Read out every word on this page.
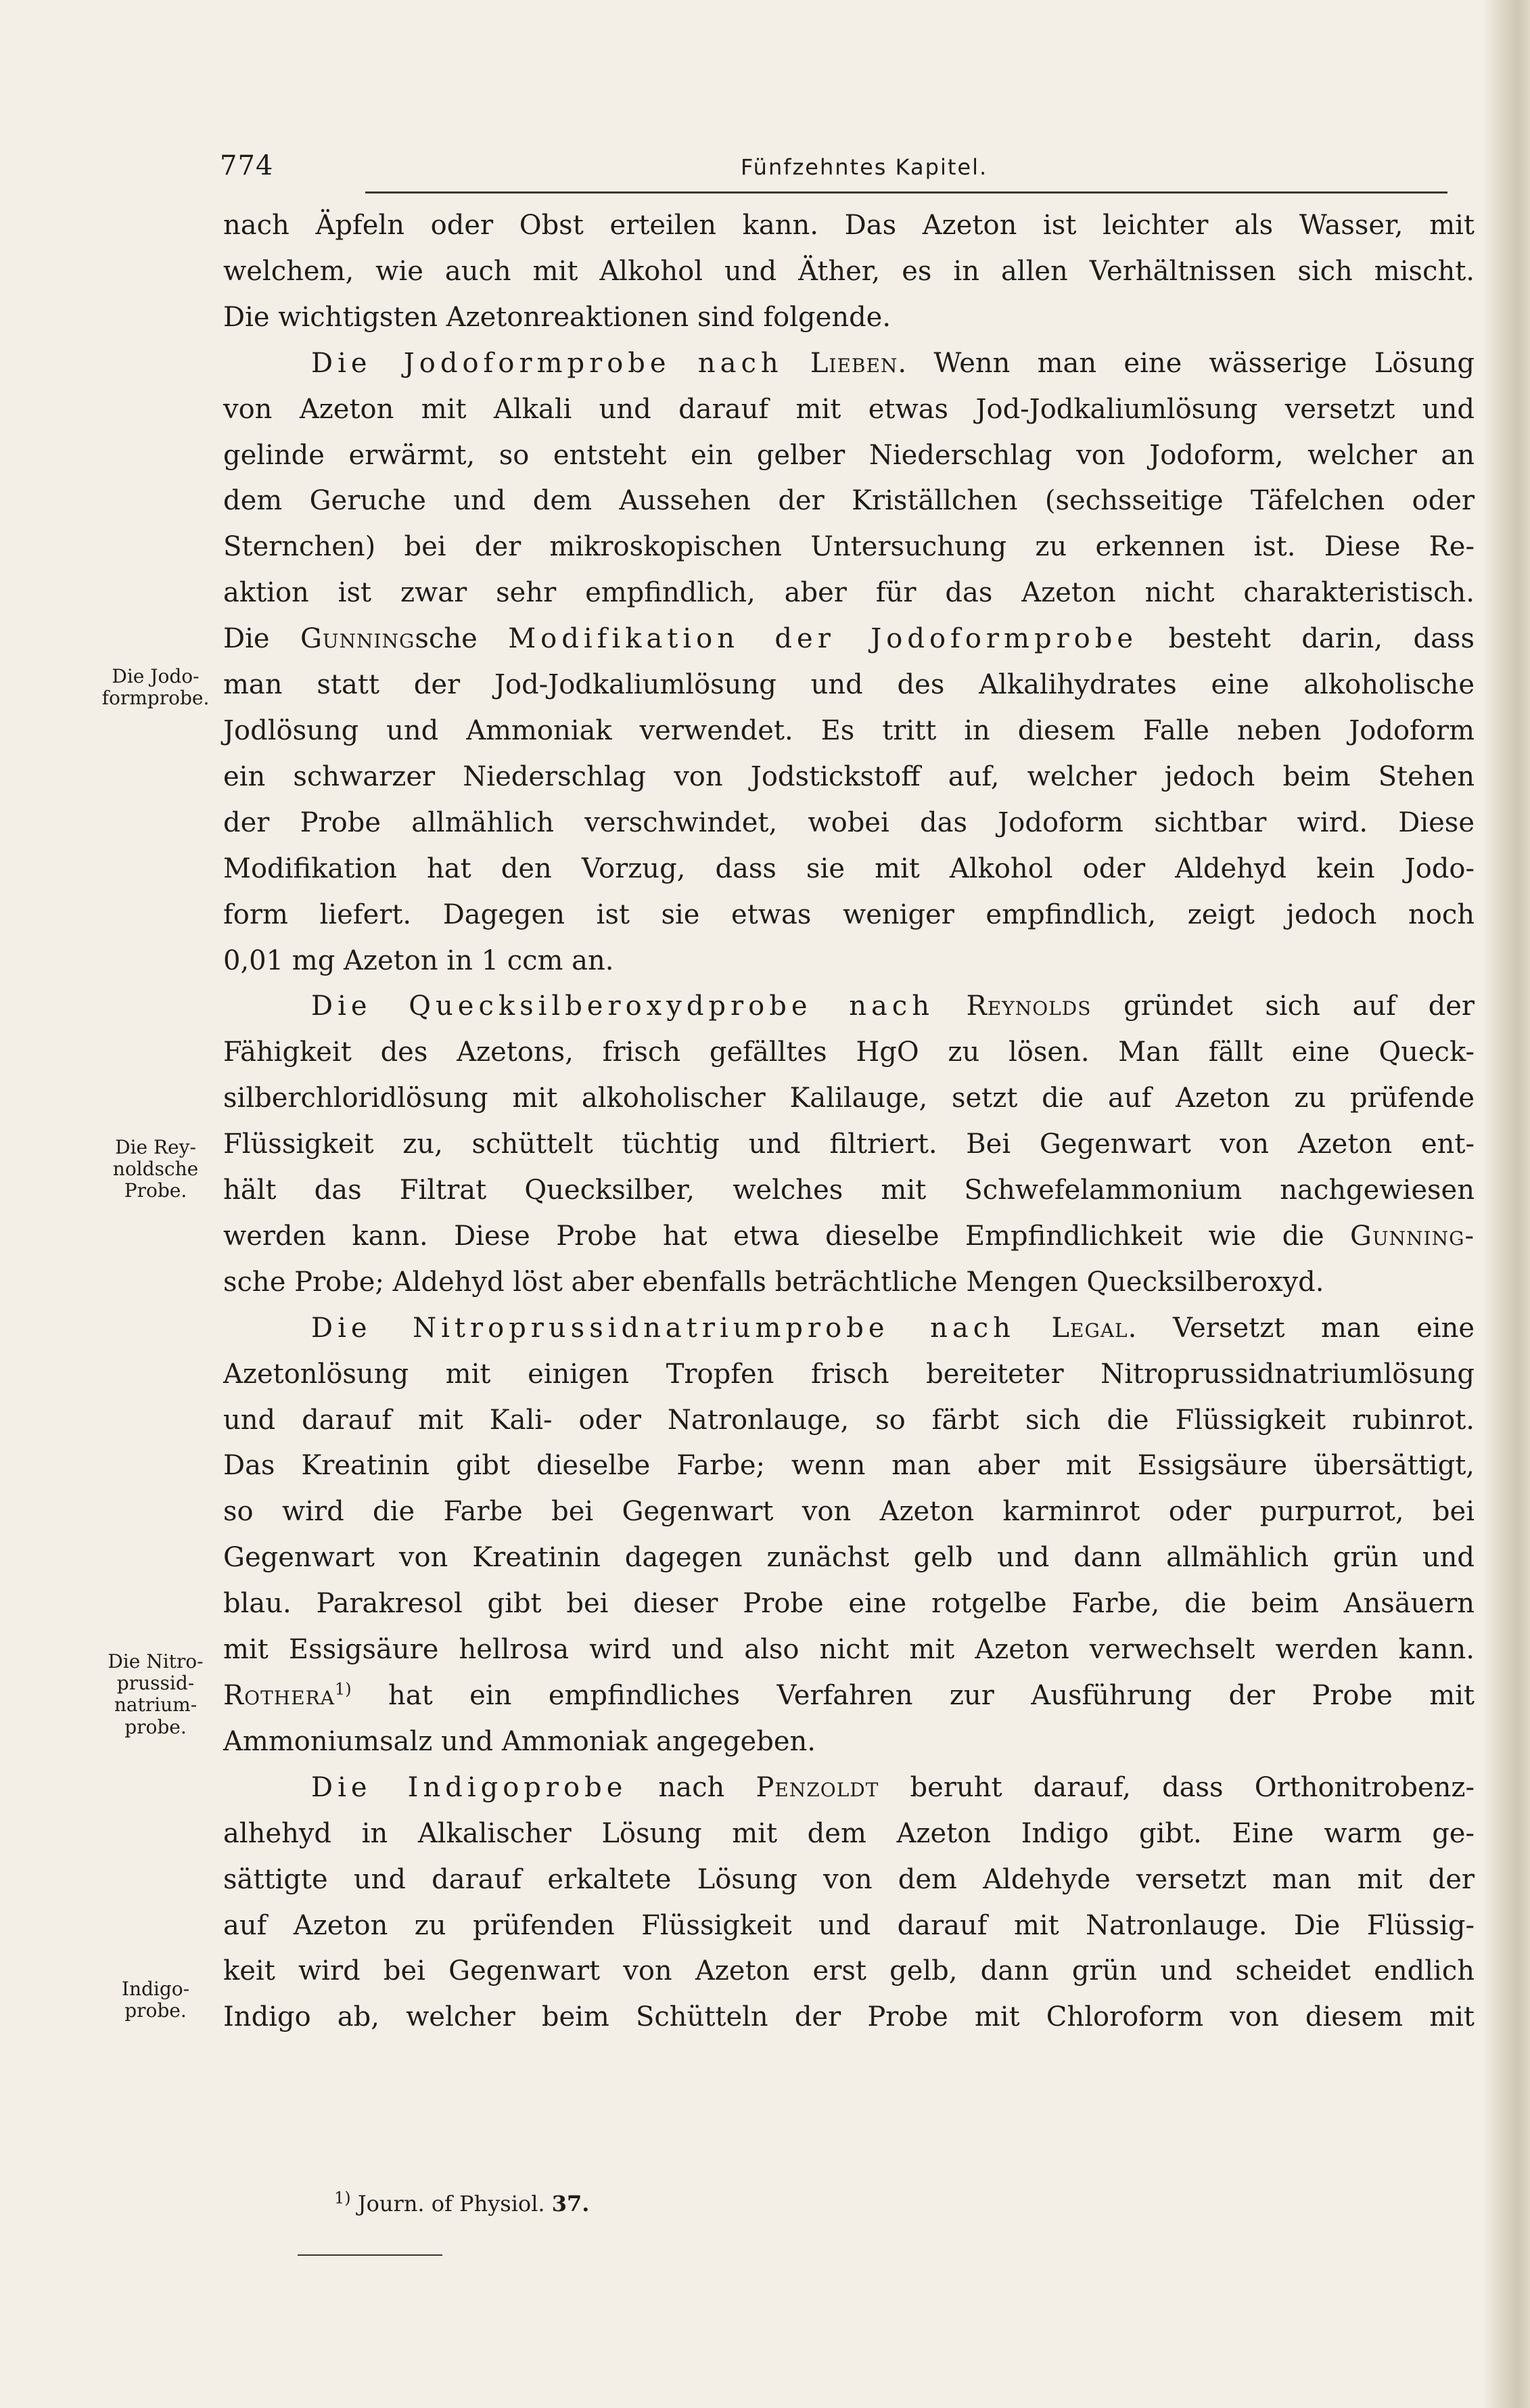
774	Fünfzehntes Kapitel.
Die Jodo-
formprobe.
Die Rey-
noldsche
Probe.
Die Nitro-
prussid-
natrium-
probe.
Indigo-
probe.

nach Äpfeln oder Obst erteilen kann. Das Azeton ist leichter als Wasser, mit

welchem, wie auch mit Alkohol und Äther, es in allen Verhältnissen sich mischt.

Die wichtigsten Azetonreaktionen sind folgende.

Die Jodoformprobe nach Lieben. Wenn man eine wässerige Lösung

von Azeton mit Alkali und darauf mit etwas Jod-Jodkaliumlösung versetzt und

gelinde erwärmt, so entsteht ein gelber Niederschlag von Jodoform, welcher an

dem Geruche und dem Aussehen der Kriställchen (sechsseitige Täfelchen oder

Sternchen) bei der mikroskopischen Untersuchung zu erkennen ist. Diese Re-

aktion ist zwar sehr empfindlich, aber für das Azeton nicht charakteristisch.

Die Gunningsche Modifikation der Jodoformprobe besteht darin, dass

man statt der Jod-Jodkaliumlösung und des Alkalihydrates eine alkoholische

Jodlösung und Ammoniak verwendet. Es tritt in diesem Falle neben Jodoform

ein schwarzer Niederschlag von Jodstickstoff auf, welcher jedoch beim Stehen

der Probe allmählich verschwindet, wobei das Jodoform sichtbar wird. Diese

Modifikation hat den Vorzug, dass sie mit Alkohol oder Aldehyd kein Jodo-

form liefert. Dagegen ist sie etwas weniger empfindlich, zeigt jedoch noch

0,01 mg Azeton in 1 ccm an.

Die Quecksilberoxydprobe nach Reynolds gründet sich auf der

Fähigkeit des Azetons, frisch gefälltes HgO zu lösen. Man fällt eine Queck-

silberchloridlösung mit alkoholischer Kalilauge, setzt die auf Azeton zu prüfende

Flüssigkeit zu, schüttelt tüchtig und filtriert. Bei Gegenwart von Azeton ent-

hält das Filtrat Quecksilber, welches mit Schwefelammonium nachgewiesen

werden kann. Diese Probe hat etwa dieselbe Empfindlichkeit wie die Gunning-

sche Probe; Aldehyd löst aber ebenfalls beträchtliche Mengen Quecksilberoxyd.

Die Nitroprussidnatriumprobe nach Legal. Versetzt man eine

Azetonlösung mit einigen Tropfen frisch bereiteter Nitroprussidnatriumlösung

und darauf mit Kali- oder Natronlauge, so färbt sich die Flüssigkeit rubinrot.

Das Kreatinin gibt dieselbe Farbe; wenn man aber mit Essigsäure übersättigt,

so wird die Farbe bei Gegenwart von Azeton karminrot oder purpurrot, bei

Gegenwart von Kreatinin dagegen zunächst gelb und dann allmählich grün und

blau. Parakresol gibt bei dieser Probe eine rotgelbe Farbe, die beim Ansäuern

mit Essigsäure hellrosa wird und also nicht mit Azeton verwechselt werden kann.

Rothera$^{1)}$ hat ein empfindliches Verfahren zur Ausführung der Probe mit

Ammoniumsalz und Ammoniak angegeben.

Die Indigoprobe nach Penzoldt beruht darauf, dass Orthonitrobenz-

alhehyd in Alkalischer Lösung mit dem Azeton Indigo gibt. Eine warm ge-

sättigte und darauf erkaltete Lösung von dem Aldehyde versetzt man mit der

auf Azeton zu prüfenden Flüssigkeit und darauf mit Natronlauge. Die Flüssig-

keit wird bei Gegenwart von Azeton erst gelb, dann grün und scheidet endlich

Indigo ab, welcher beim Schütteln der Probe mit Chloroform von diesem mit

$^{1)}$ Journ. of Physiol. 37.
